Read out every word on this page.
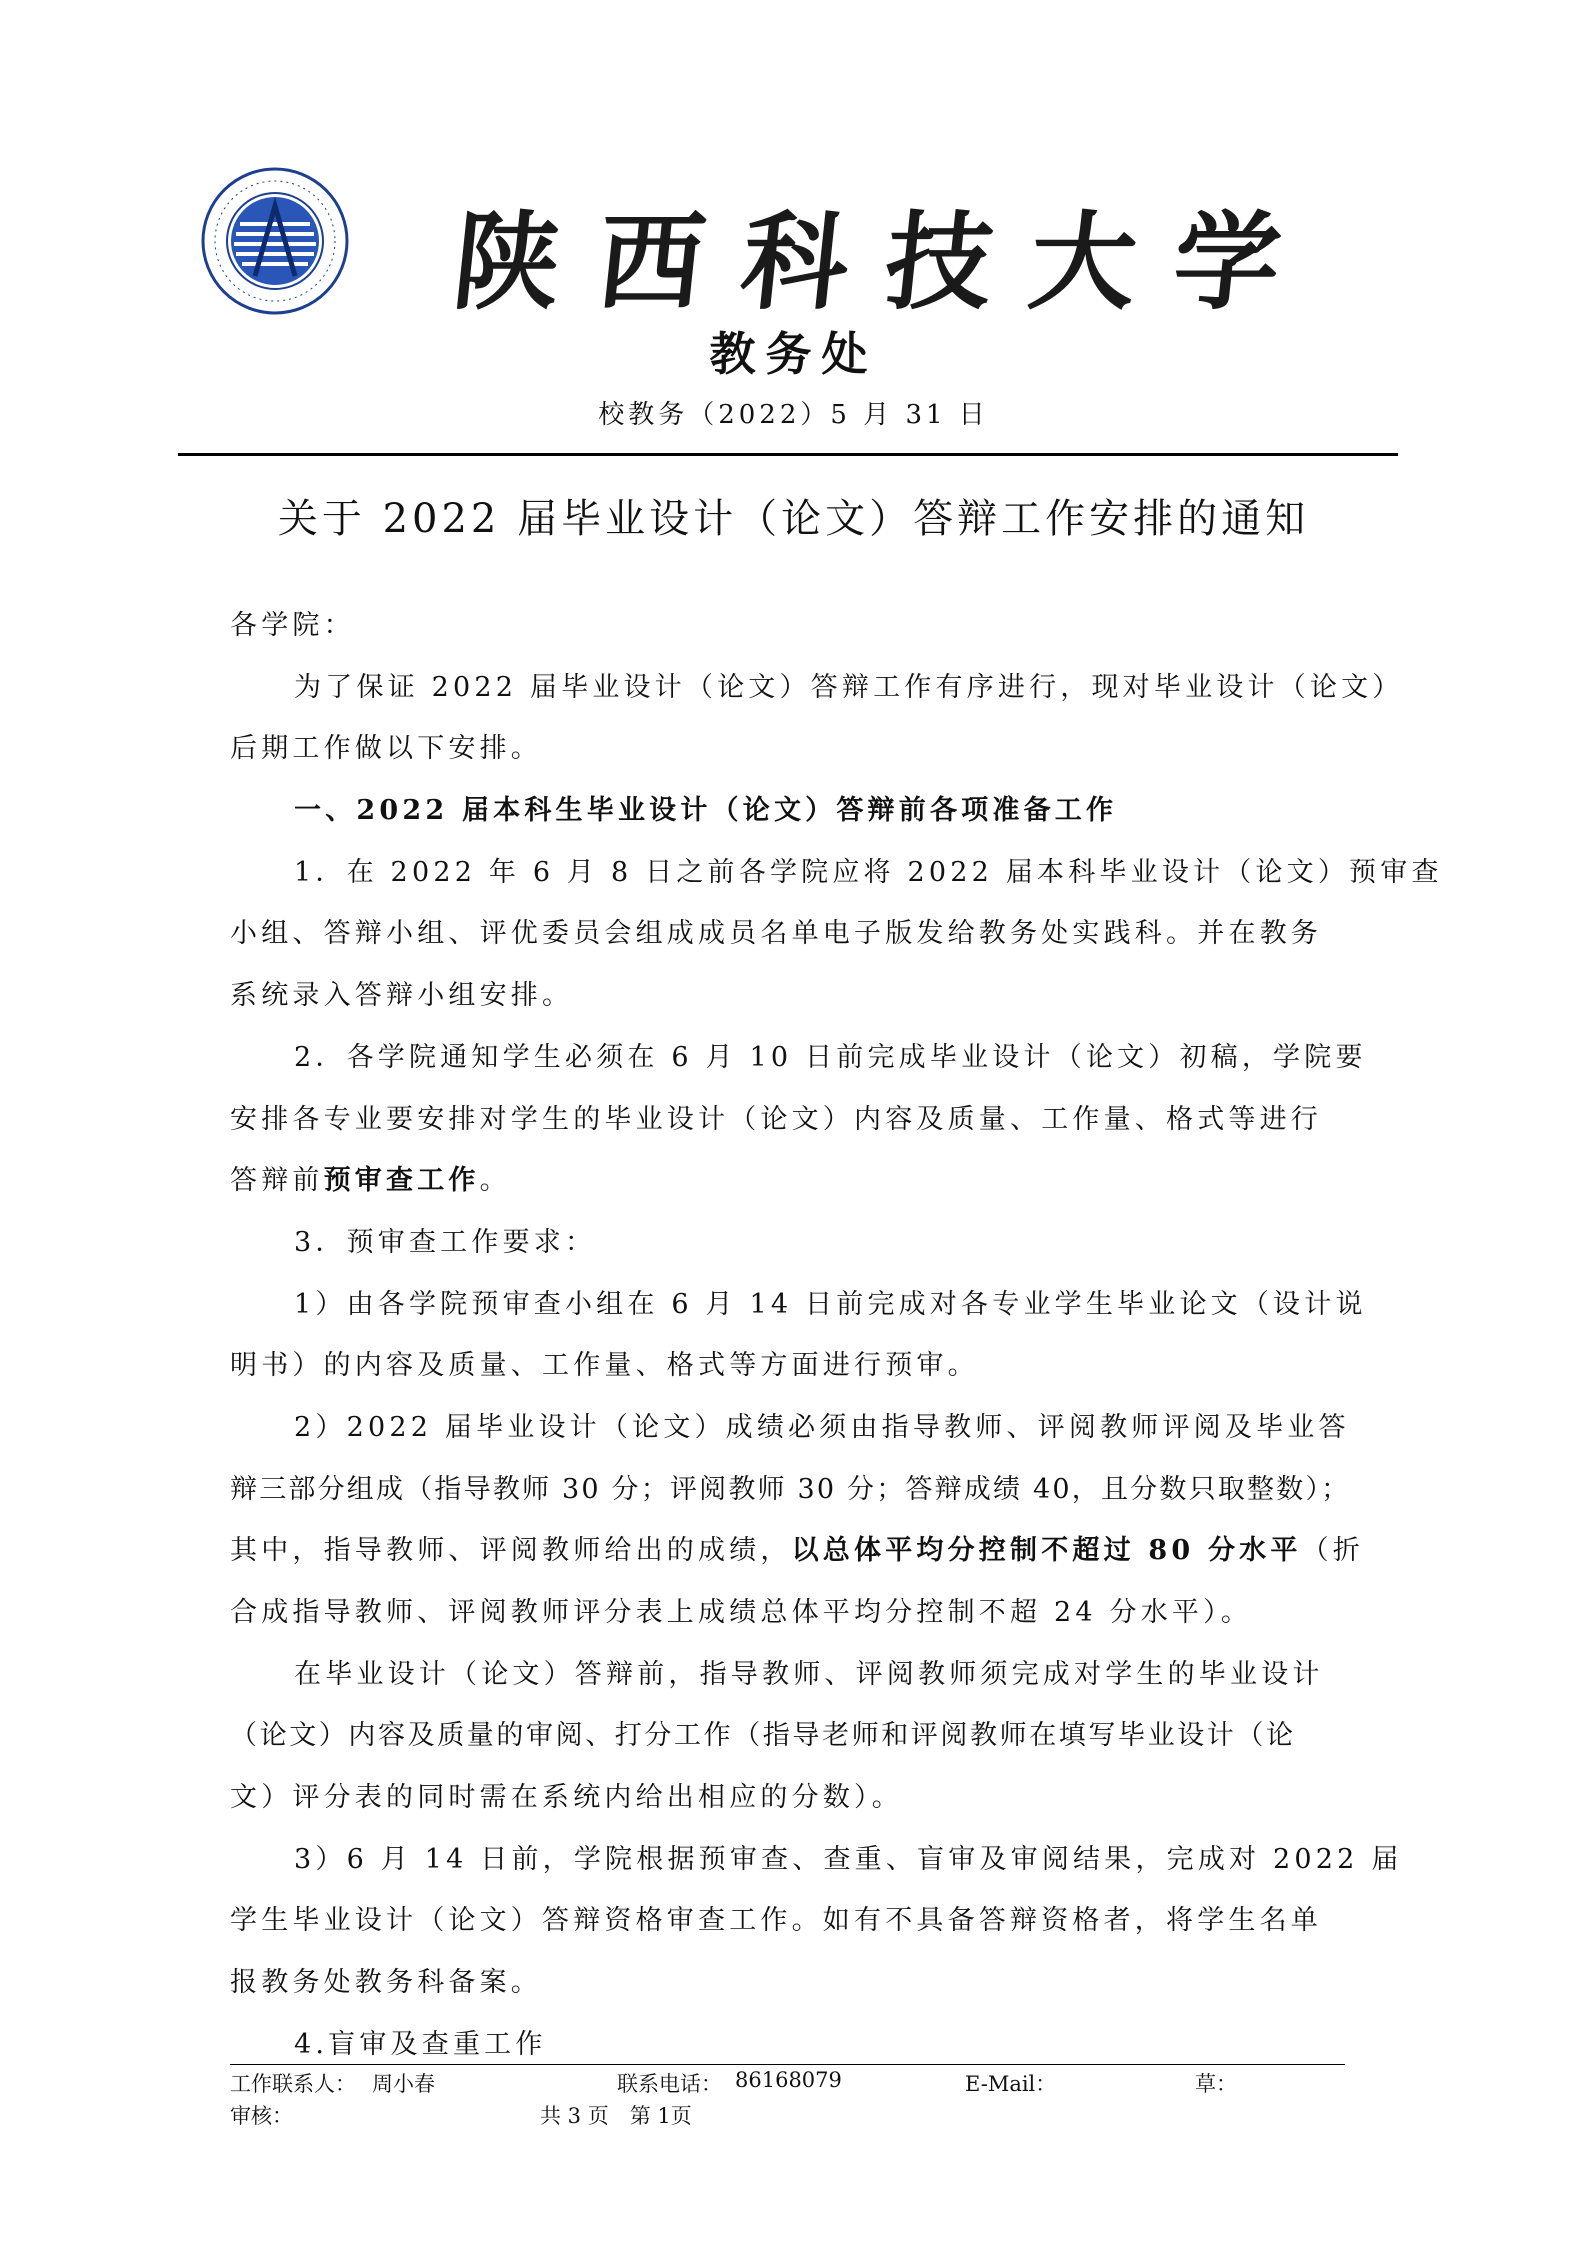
陕西科技大学
教务处
校教务（2022）5 月 31 日
关于 2022 届毕业设计（论文）答辩工作安排的通知
各学院：
为了保证 2022 届毕业设计（论文）答辩工作有序进行，现对毕业设计（论文）
后期工作做以下安排。
一、2022 届本科生毕业设计（论文）答辩前各项准备工作
1．在 2022 年 6 月 8 日之前各学院应将 2022 届本科毕业设计（论文）预审查
小组、答辩小组、评优委员会组成成员名单电子版发给教务处实践科。并在教务
系统录入答辩小组安排。
2．各学院通知学生必须在 6 月 10 日前完成毕业设计（论文）初稿，学院要
安排各专业要安排对学生的毕业设计（论文）内容及质量、工作量、格式等进行
答辩前预审查工作。
3．预审查工作要求：
1）由各学院预审查小组在 6 月 14 日前完成对各专业学生毕业论文（设计说
明书）的内容及质量、工作量、格式等方面进行预审。
2）2022 届毕业设计（论文）成绩必须由指导教师、评阅教师评阅及毕业答
辩三部分组成（指导教师 30 分；评阅教师 30 分；答辩成绩 40，且分数只取整数）；
其中，指导教师、评阅教师给出的成绩，以总体平均分控制不超过 80 分水平（折
合成指导教师、评阅教师评分表上成绩总体平均分控制不超 24 分水平）。
在毕业设计（论文）答辩前，指导教师、评阅教师须完成对学生的毕业设计
（论文）内容及质量的审阅、打分工作（指导老师和评阅教师在填写毕业设计（论
文）评分表的同时需在系统内给出相应的分数）。
3）6 月 14 日前，学院根据预审查、查重、盲审及审阅结果，完成对 2022 届
学生毕业设计（论文）答辩资格审查工作。如有不具备答辩资格者，将学生名单
报教务处教务科备案。
4.盲审及查重工作
工作联系人： 周小春	联系电话： 86168079	E-Mail：	草：
审核：	共 3 页　第 1页
